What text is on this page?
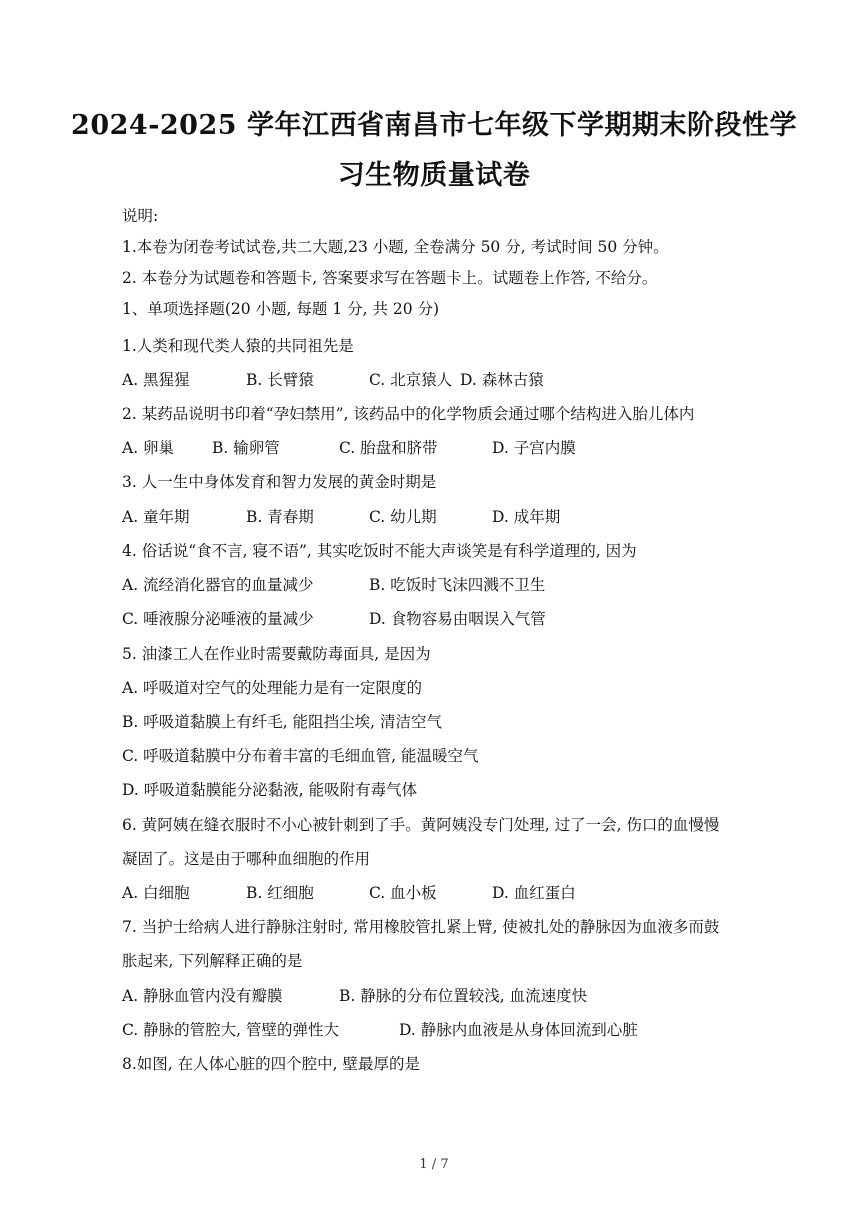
2024-2025 学年江西省南昌市七年级下学期期末阶段性学
习生物质量试卷
说明:
1.本卷为闭卷考试试卷,共二大题,23 小题, 全卷满分 50 分, 考试时间 50 分钟。
2. 本卷分为试题卷和答题卡, 答案要求写在答题卡上。试题卷上作答, 不给分。
1、单项选择题(20 小题, 每题 1 分, 共 20 分)
1.人类和现代类人猿的共同祖先是
A. 黑猩猩	B. 长臂猿	C. 北京猿人 D. 森林古猿
2. 某药品说明书印着“孕妇禁用”, 该药品中的化学物质会通过哪个结构进入胎儿体内
A. 卵巢 B. 输卵管	C. 胎盘和脐带	D. 子宫内膜
3. 人一生中身体发育和智力发展的黄金时期是
A. 童年期	B. 青春期	C. 幼儿期	D. 成年期
4. 俗话说“食不言, 寝不语”, 其实吃饭时不能大声谈笑是有科学道理的, 因为
A. 流经消化器官的血量减少	B. 吃饭时飞沫四溅不卫生
C. 唾液腺分泌唾液的量减少	D. 食物容易由咽误入气管
5. 油漆工人在作业时需要戴防毒面具, 是因为
A. 呼吸道对空气的处理能力是有一定限度的
B. 呼吸道黏膜上有纤毛, 能阻挡尘埃, 清洁空气
C. 呼吸道黏膜中分布着丰富的毛细血管, 能温暖空气
D. 呼吸道黏膜能分泌黏液, 能吸附有毒气体
6. 黄阿姨在缝衣服时不小心被针刺到了手。黄阿姨没专门处理, 过了一会, 伤口的血慢慢
凝固了。这是由于哪种血细胞的作用
A. 白细胞	B. 红细胞	C. 血小板	D. 血红蛋白
7. 当护士给病人进行静脉注射时, 常用橡胶管扎紧上臂, 使被扎处的静脉因为血液多而鼓
胀起来, 下列解释正确的是
A. 静脉血管内没有瓣膜	B. 静脉的分布位置较浅, 血流速度快
C. 静脉的管腔大, 管壁的弹性大	D. 静脉内血液是从身体回流到心脏
8.如图, 在人体心脏的四个腔中, 壁最厚的是
1 / 7
